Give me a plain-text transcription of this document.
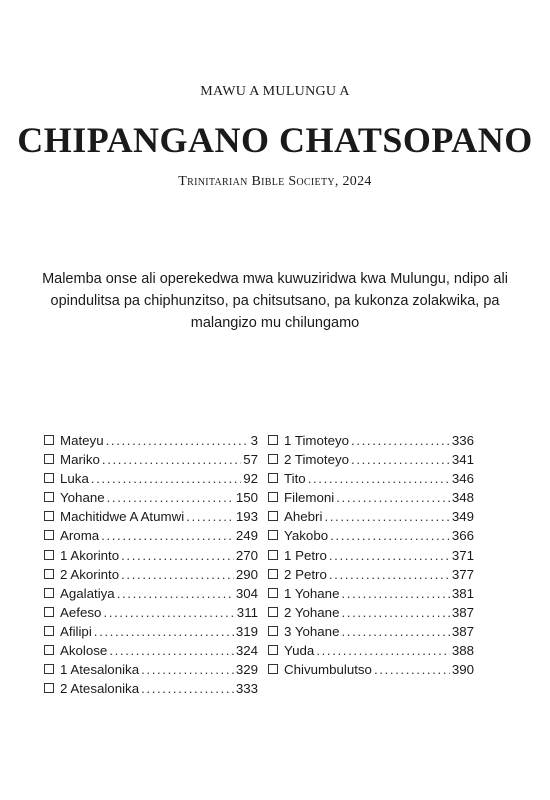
MAWU A MULUNGU A
CHIPANGANO CHATSOPANO
Trinitarian Bible Society, 2024
Malemba onse ali operekedwa mwa kuwuziridwa kwa Mulungu, ndipo ali opindulitsa pa chiphunzitso, pa chitsutsano, pa kukonza zolakwika, pa malangizo mu chilungamo
Mateyu .....	3
Mariko .....	57
Luka .....	92
Yohane .....	150
Machitidwe A Atumwi .....	193
Aroma .....	249
1 Akorinto .....	270
2 Akorinto .....	290
Agalatiya .....	304
Aefeso .....	311
Afilipi .....	319
Akolose .....	324
1 Atesalonika .....	329
2 Atesalonika .....	333
1 Timoteyo .....	336
2 Timoteyo .....	341
Tito .....	346
Filemoni .....	348
Ahebri .....	349
Yakobo .....	366
1 Petro .....	371
2 Petro .....	377
1 Yohane .....	381
2 Yohane .....	387
3 Yohane .....	387
Yuda .....	388
Chivumbulutso .....	390
